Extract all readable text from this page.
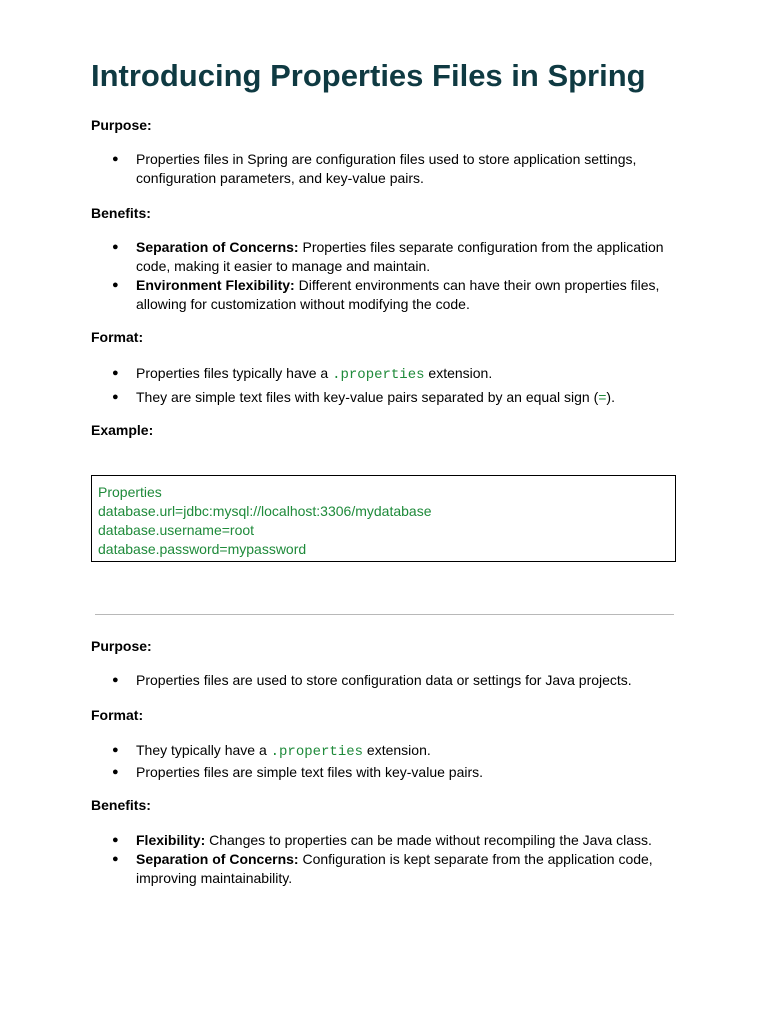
Introducing Properties Files in Spring

Purpose:

● Properties files in Spring are configuration files used to store application settings, configuration parameters, and key-value pairs.

Benefits:

● Separation of Concerns: Properties files separate configuration from the application code, making it easier to manage and maintain.
● Environment Flexibility: Different environments can have their own properties files, allowing for customization without modifying the code.

Format:

● Properties files typically have a .properties extension.
● They are simple text files with key-value pairs separated by an equal sign (=).

Example:

Properties
database.url=jdbc:mysql://localhost:3306/mydatabase
database.username=root
database.password=mypassword

Purpose:

● Properties files are used to store configuration data or settings for Java projects.

Format:

● They typically have a .properties extension.
● Properties files are simple text files with key-value pairs.

Benefits:

● Flexibility: Changes to properties can be made without recompiling the Java class.
● Separation of Concerns: Configuration is kept separate from the application code, improving maintainability.
